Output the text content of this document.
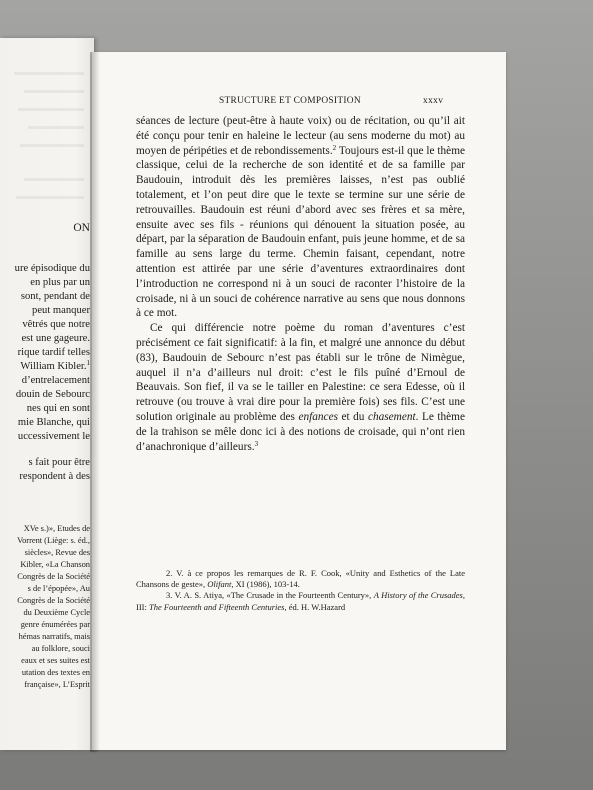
ON
ure épisodique du
en plus par un
sont, pendant de
peut manquer
vêtrés que notre
est une gageure.
rique tardif telles
William Kibler.$^1$
d’entrelacement
douin de Sebourc
nes qui en sont
mie Blanche, qui
uccessivement le
s fait pour être
respondent à des
XVe s.)», Etudes de
Vorrent (Liège: s. éd.,
siècles», Revue des
Kibler, «La Chanson
Congrès de la Société
s de l’épopée», Au
Congrès de la Société
du Deuxième Cycle
genre énumérées par
hémas narratifs, mais
au folklore, souci
eaux et ses suites est
utation des textes en
française», L’Esprit
STRUCTURE ET COMPOSITION	xxxv

séances de lecture (peut-être à haute voix) ou de récitation, ou qu’il ait été conçu pour tenir en haleine le lecteur (au sens moderne du mot) au moyen de péripéties et de rebondissements.$^2$ Toujours est-il que le thème classique, celui de la recherche de son identité et de sa famille par Baudouin, introduit dès les premières laisses, n’est pas oublié totalement, et l’on peut dire que le texte se termine sur une série de retrouvailles. Baudouin est réuni d’abord avec ses frères et sa mère, ensuite avec ses fils - réunions qui dénouent la situation posée, au départ, par la séparation de Baudouin enfant, puis jeune homme, et de sa famille au sens large du terme. Chemin faisant, cependant, notre attention est attirée par une série d’aventures extraordinaires dont l’introduction ne correspond ni à un souci de raconter l’histoire de la croisade, ni à un souci de cohérence narrative au sens que nous donnons à ce mot.

Ce qui différencie notre poème du roman d’aventures c’est précisément ce fait significatif: à la fin, et malgré une annonce du début (83), Baudouin de Sebourc n’est pas établi sur le trône de Nimègue, auquel il n’a d’ailleurs nul droit: c’est le fils puîné d’Ernoul de Beauvais. Son fief, il va se le tailler en Palestine: ce sera Edesse, où il retrouve (ou trouve à vrai dire pour la première fois) ses fils. C’est une solution originale au problème des enfances et du chasement. Le thème de la trahison se mêle donc ici à des notions de croisade, qui n’ont rien d’anachronique d’ailleurs.$^3$

2. V. à ce propos les remarques de R. F. Cook, «Unity and Esthetics of the Late Chansons de geste», Olifant, XI (1986), 103-14.

3. V. A. S. Atiya, «The Crusade in the Fourteenth Century», A History of the Crusades, III: The Fourteenth and Fifteenth Centuries, éd. H. W.Hazard
